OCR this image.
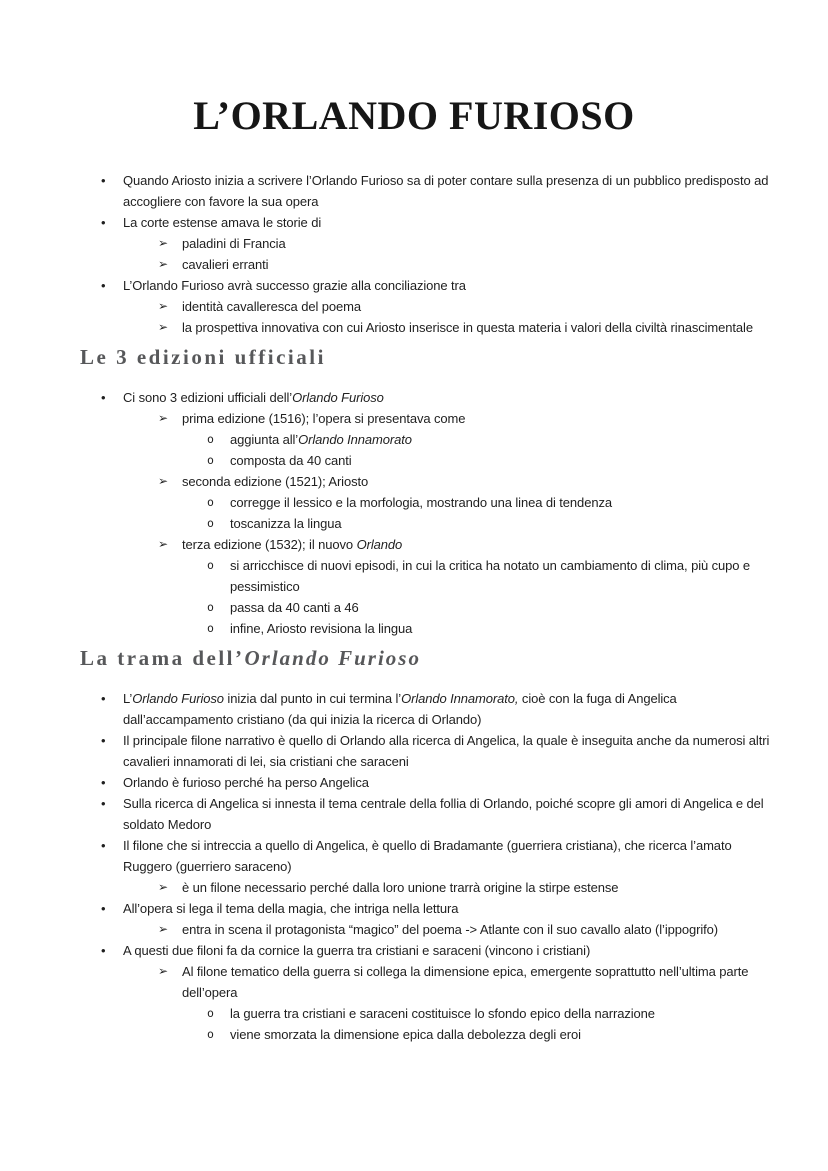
L’ORLANDO FURIOSO
• Quando Ariosto inizia a scrivere l’Orlando Furioso sa di poter contare sulla presenza di un pubblico predisposto ad accogliere con favore la sua opera
• La corte estense amava le storie di
➢ paladini di Francia
➢ cavalieri erranti
• L’Orlando Furioso avrà successo grazie alla conciliazione tra
➢ identità cavalleresca del poema
➢ la prospettiva innovativa con cui Ariosto inserisce in questa materia i valori della civiltà rinascimentale
Le 3 edizioni ufficiali
• Ci sono 3 edizioni ufficiali dell’Orlando Furioso
➢ prima edizione (1516); l’opera si presentava come
o aggiunta all’Orlando Innamorato
o composta da 40 canti
➢ seconda edizione (1521); Ariosto
o corregge il lessico e la morfologia, mostrando una linea di tendenza
o toscanizza la lingua
➢ terza edizione (1532); il nuovo Orlando
o si arricchisce di nuovi episodi, in cui la critica ha notato un cambiamento di clima, più cupo e pessimistico
o passa da 40 canti a 46
o infine, Ariosto revisiona la lingua
La trama dell’Orlando Furioso
• L’Orlando Furioso inizia dal punto in cui termina l’Orlando Innamorato, cioè con la fuga di Angelica dall’accampamento cristiano (da qui inizia la ricerca di Orlando)
• Il principale filone narrativo è quello di Orlando alla ricerca di Angelica, la quale è inseguita anche da numerosi altri cavalieri innamorati di lei, sia cristiani che saraceni
• Orlando è furioso perché ha perso Angelica
• Sulla ricerca di Angelica si innesta il tema centrale della follia di Orlando, poiché scopre gli amori di Angelica e del soldato Medoro
• Il filone che si intreccia a quello di Angelica, è quello di Bradamante (guerriera cristiana), che ricerca l’amato Ruggero (guerriero saraceno)
➢ è un filone necessario perché dalla loro unione trarrà origine la stirpe estense
• All’opera si lega il tema della magia, che intriga nella lettura
➢ entra in scena il protagonista “magico” del poema -> Atlante con il suo cavallo alato (l’ippogrifo)
• A questi due filoni fa da cornice la guerra tra cristiani e saraceni (vincono i cristiani)
➢ Al filone tematico della guerra si collega la dimensione epica, emergente soprattutto nell’ultima parte dell’opera
o la guerra tra cristiani e saraceni costituisce lo sfondo epico della narrazione
o viene smorzata la dimensione epica dalla debolezza degli eroi
